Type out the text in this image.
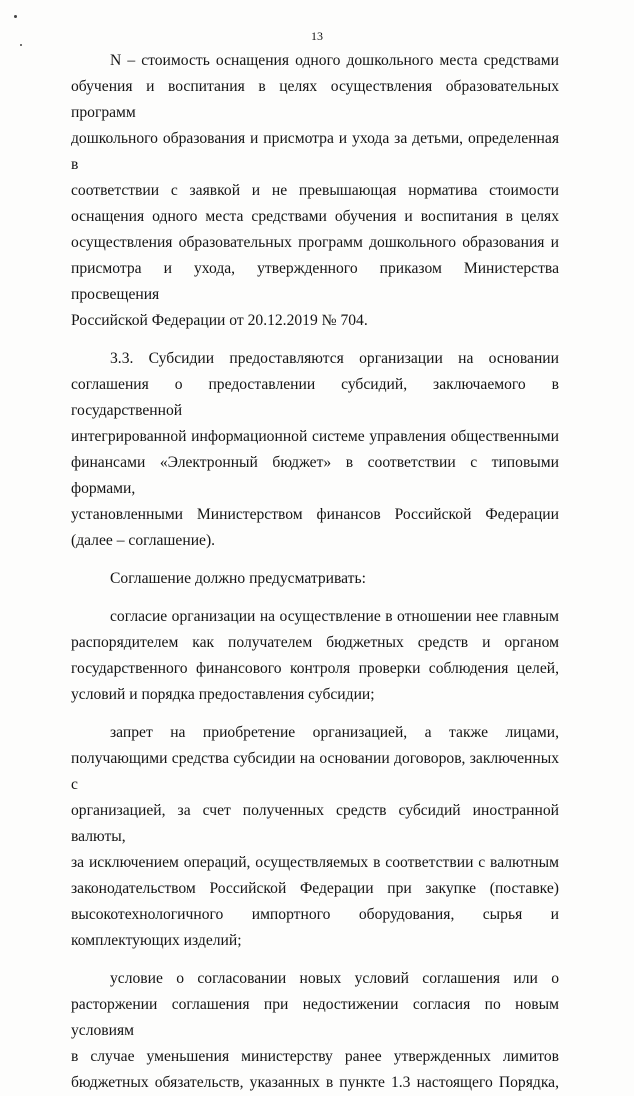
13

N – стоимость оснащения одного дошкольного места средствами
обучения и воспитания в целях осуществления образовательных программ
дошкольного образования и присмотра и ухода за детьми, определенная в
соответствии с заявкой и не превышающая норматива стоимости
оснащения одного места средствами обучения и воспитания в целях
осуществления образовательных программ дошкольного образования и
присмотра и ухода, утвержденного приказом Министерства просвещения
Российской Федерации от 20.12.2019 № 704.

3.3. Субсидии предоставляются организации на основании
соглашения о предоставлении субсидий, заключаемого в государственной
интегрированной информационной системе управления общественными
финансами «Электронный бюджет» в соответствии с типовыми формами,
установленными Министерством финансов Российской Федерации
(далее – соглашение).

Соглашение должно предусматривать:

согласие организации на осуществление в отношении нее главным
распорядителем как получателем бюджетных средств и органом
государственного финансового контроля проверки соблюдения целей,
условий и порядка предоставления субсидии;

запрет на приобретение организацией, а также лицами,
получающими средства субсидии на основании договоров, заключенных с
организацией, за счет полученных средств субсидий иностранной валюты,
за исключением операций, осуществляемых в соответствии с валютным
законодательством Российской Федерации при закупке (поставке)
высокотехнологичного импортного оборудования, сырья и
комплектующих изделий;

условие о согласовании новых условий соглашения или о
расторжении соглашения при недостижении согласия по новым условиям
в случае уменьшения министерству ранее утвержденных лимитов
бюджетных обязательств, указанных в пункте 1.3 настоящего Порядка,
